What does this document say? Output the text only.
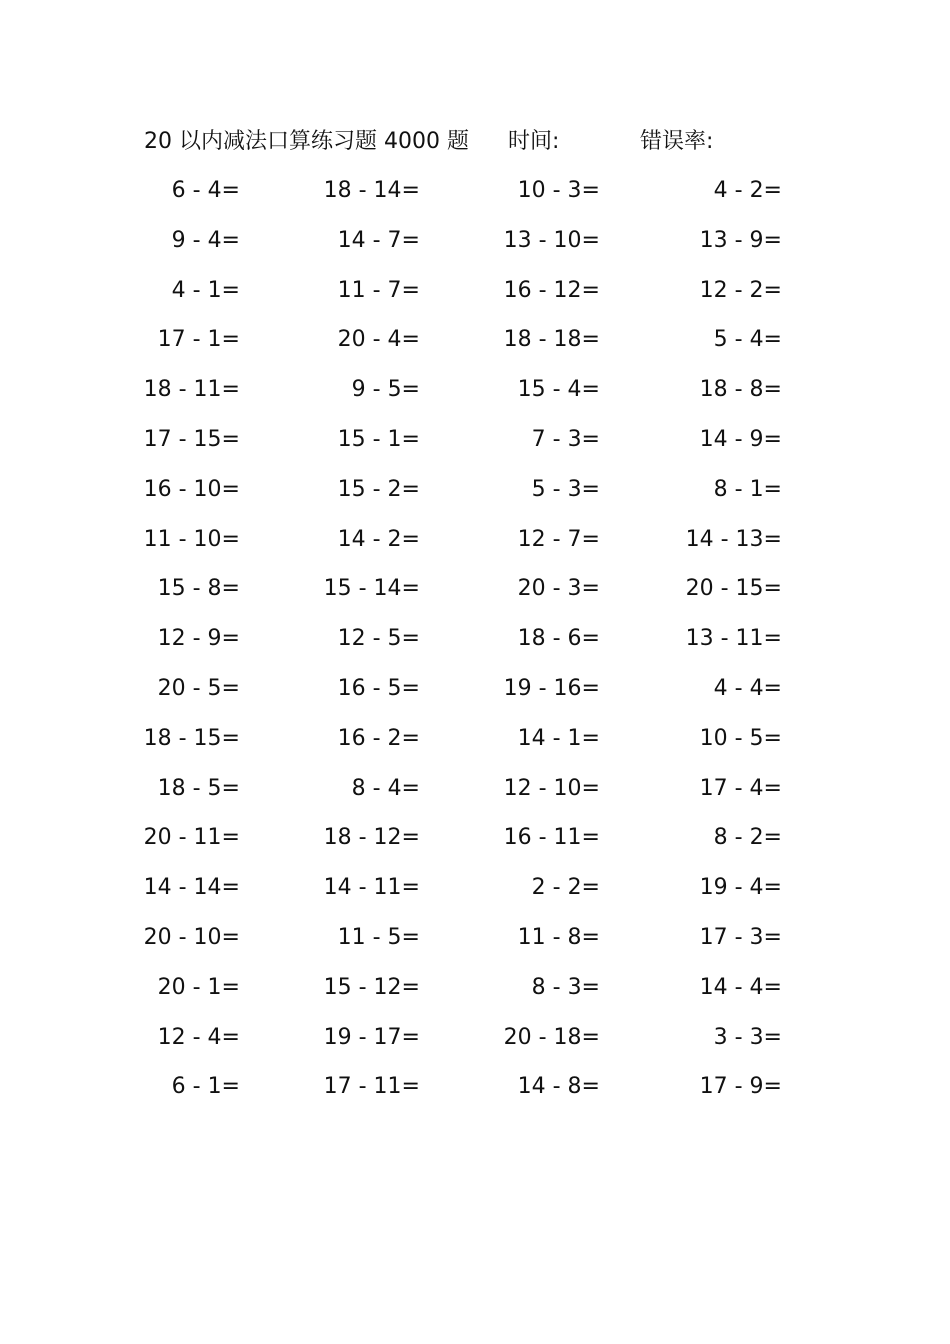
20 以内减法口算练习题 4000 题 时间:	错误率:
6 - 4=	18 - 14=	10 - 3=	4 - 2=
9 - 4=	14 - 7=	13 - 10=	13 - 9=
4 - 1=	11 - 7=	16 - 12=	12 - 2=
17 - 1=	20 - 4=	18 - 18=	5 - 4=
18 - 11=	9 - 5=	15 - 4=	18 - 8=
17 - 15=	15 - 1=	7 - 3=	14 - 9=
16 - 10=	15 - 2=	5 - 3=	8 - 1=
11 - 10=	14 - 2=	12 - 7=	14 - 13=
15 - 8=	15 - 14=	20 - 3=	20 - 15=
12 - 9=	12 - 5=	18 - 6=	13 - 11=
20 - 5=	16 - 5=	19 - 16=	4 - 4=
18 - 15=	16 - 2=	14 - 1=	10 - 5=
18 - 5=	8 - 4=	12 - 10=	17 - 4=
20 - 11=	18 - 12=	16 - 11=	8 - 2=
14 - 14=	14 - 11=	2 - 2=	19 - 4=
20 - 10=	11 - 5=	11 - 8=	17 - 3=
20 - 1=	15 - 12=	8 - 3=	14 - 4=
12 - 4=	19 - 17=	20 - 18=	3 - 3=
6 - 1=	17 - 11=	14 - 8=	17 - 9=
